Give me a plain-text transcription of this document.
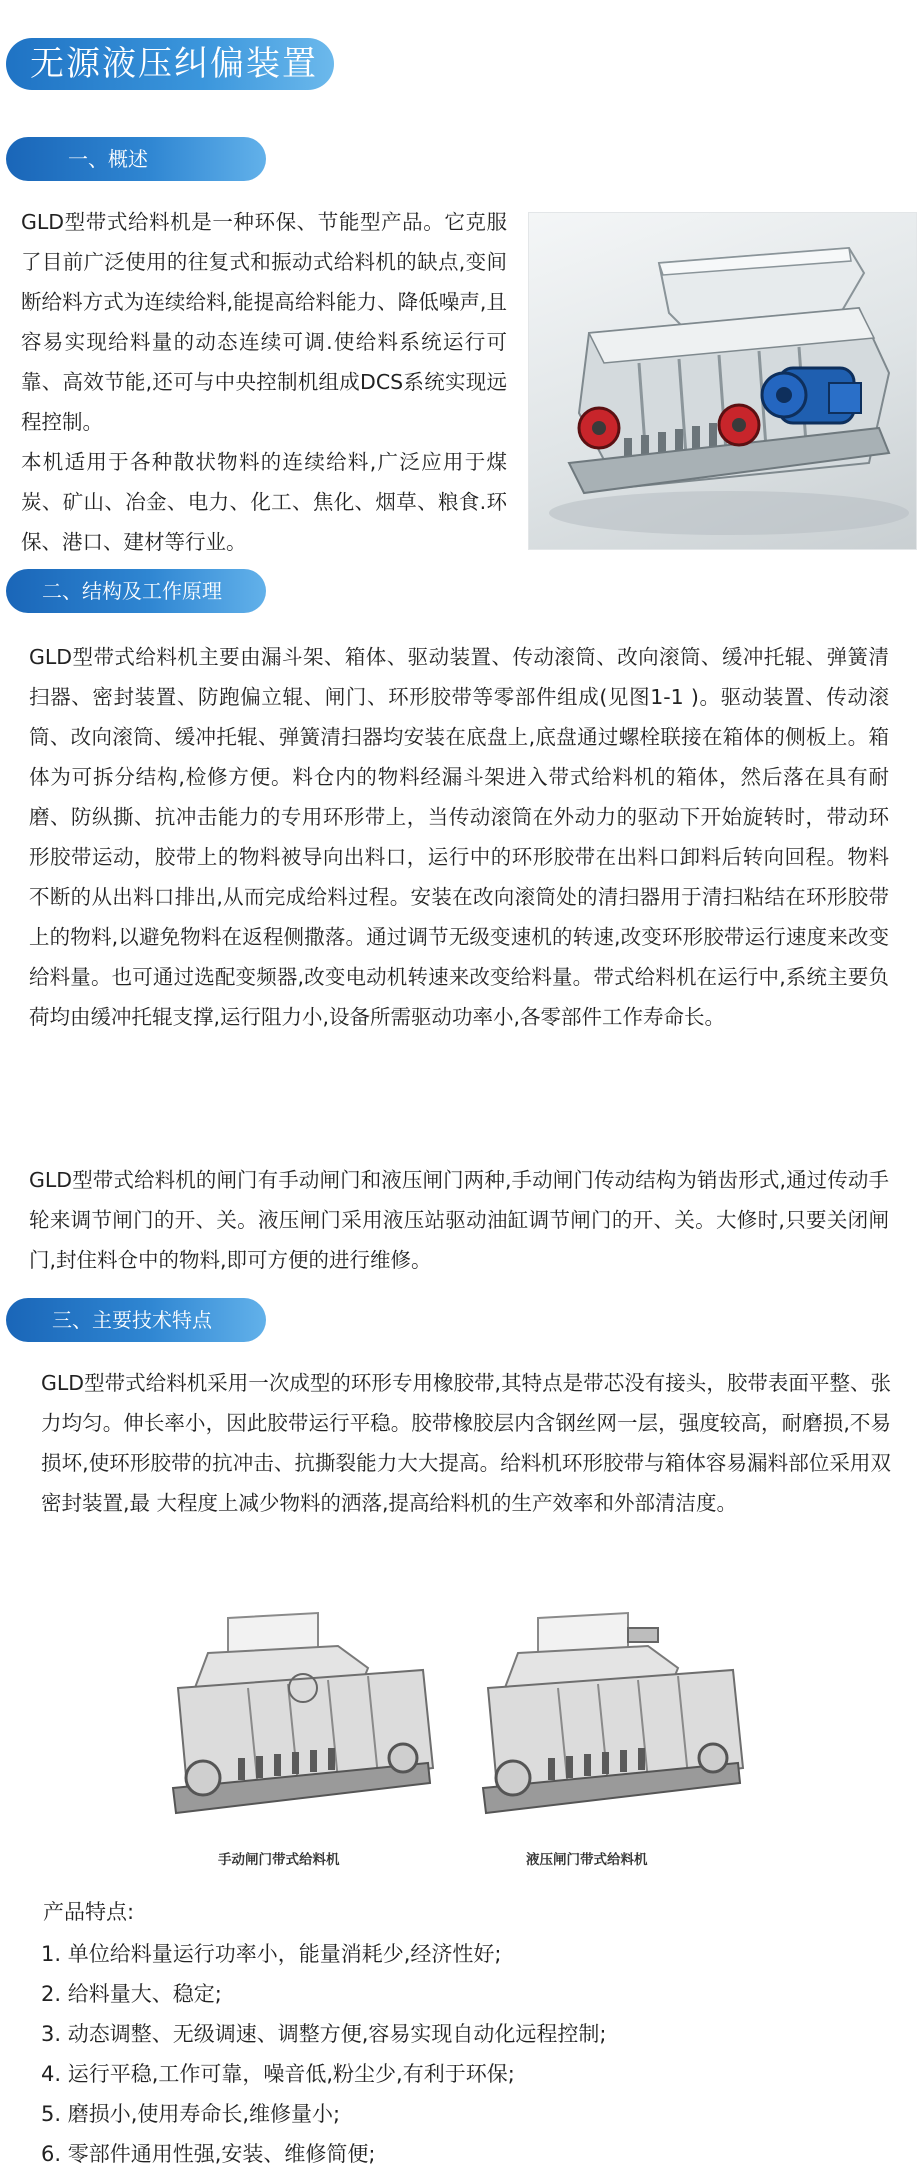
无源液压纠偏装置
一、概述

GLD型带式给料机是一种环保、节能型产品。它克服了目前广泛使用的往复式和振动式给料机的缺点,变间断给料方式为连续给料,能提高给料能力、降低噪声,且容易实现给料量的动态连续可调.使给料系统运行可靠、高效节能,还可与中央控制机组成DCS系统实现远程控制。

本机适用于各种散状物料的连续给料,广泛应用于煤炭、矿山、冶金、电力、化工、焦化、烟草、粮食.环保、港口、建材等行业。

二、结构及工作原理
GLD型带式给料机主要由漏斗架、箱体、驱动装置、传动滚筒、改向滚筒、缓冲托辊、弹簧清扫器、密封装置、防跑偏立辊、闸门、环形胶带等零部件组成(见图1-1 )。驱动装置、传动滚筒、改向滚筒、缓冲托辊、弹簧清扫器均安装在底盘上,底盘通过螺栓联接在箱体的侧板上。箱体为可拆分结构,检修方便。料仓内的物料经漏斗架进入带式给料机的箱体，然后落在具有耐磨、防纵撕、抗冲击能力的专用环形带上，当传动滚筒在外动力的驱动下开始旋转时，带动环形胶带运动，胶带上的物料被导向出料口，运行中的环形胶带在出料口卸料后转向回程。物料不断的从出料口排出,从而完成给料过程。安装在改向滚筒处的清扫器用于清扫粘结在环形胶带上的物料,以避免物料在返程侧撒落。通过调节无级变速机的转速,改变环形胶带运行速度来改变给料量。也可通过选配变频器,改变电动机转速来改变给料量。带式给料机在运行中,系统主要负荷均由缓冲托辊支撑,运行阻力小,设备所需驱动功率小,各零部件工作寿命长。
GLD型带式给料机的闸门有手动闸门和液压闸门两种,手动闸门传动结构为销齿形式,通过传动手轮来调节闸门的开、关。液压闸门采用液压站驱动油缸调节闸门的开、关。大修时,只要关闭闸门,封住料仓中的物料,即可方便的进行维修。
三、主要技术特点
GLD型带式给料机采用一次成型的环形专用橡胶带,其特点是带芯没有接头，胶带表面平整、张力均匀。伸长率小，因此胶带运行平稳。胶带橡胶层内含钢丝网一层，强度较高，耐磨损,不易损坏,使环形胶带的抗冲击、抗撕裂能力大大提高。给料机环形胶带与箱体容易漏料部位采用双密封装置,最 大程度上减少物料的洒落,提高给料机的生产效率和外部清洁度。
手动闸门带式给料机	液压闸门带式给料机
产品特点:
1. 单位给料量运行功率小，能量消耗少,经济性好;
2. 给料量大、稳定;
3. 动态调整、无级调速、调整方便,容易实现自动化远程控制;
4. 运行平稳,工作可靠，噪音低,粉尘少,有利于环保;
5. 磨损小,使用寿命长,维修量小;
6. 零部件通用性强,安装、维修简便;
